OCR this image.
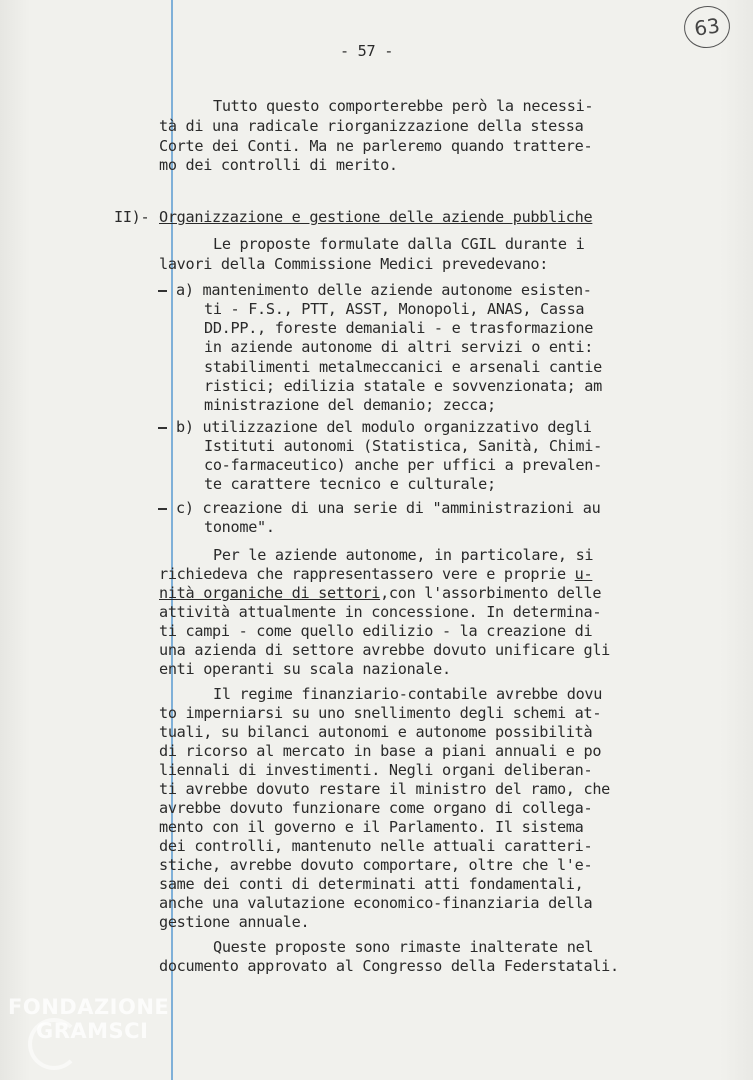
63
- 57 -
Tutto questo comporterebbe però la necessi-
tà di una radicale riorganizzazione della stessa
Corte dei Conti. Ma ne parleremo quando trattere-
mo dei controlli di merito.
II)- Organizzazione e gestione delle aziende pubbliche
Le proposte formulate dalla CGIL durante i
lavori della Commissione Medici prevedevano:
a) mantenimento delle aziende autonome esisten-
ti - F.S., PTT, ASST, Monopoli, ANAS, Cassa
DD.PP., foreste demaniali - e trasformazione
in aziende autonome di altri servizi o enti:
stabilimenti metalmeccanici e arsenali cantie
ristici; edilizia statale e sovvenzionata; am
ministrazione del demanio; zecca;
b) utilizzazione del modulo organizzativo degli
Istituti autonomi (Statistica, Sanità, Chimi-
co-farmaceutico) anche per uffici a prevalen-
te carattere tecnico e culturale;
c) creazione di una serie di "amministrazioni au
tonome".
Per le aziende autonome, in particolare, si
richiedeva che rappresentassero vere e proprie u-
nità organiche di settori,con l'assorbimento delle
attività attualmente in concessione. In determina-
ti campi - come quello edilizio - la creazione di
una azienda di settore avrebbe dovuto unificare gli
enti operanti su scala nazionale.
Il regime finanziario-contabile avrebbe dovu
to imperniarsi su uno snellimento degli schemi at-
tuali, su bilanci autonomi e autonome possibilità
di ricorso al mercato in base a piani annuali e po
liennali di investimenti. Negli organi deliberan-
ti avrebbe dovuto restare il ministro del ramo, che
avrebbe dovuto funzionare come organo di collega-
mento con il governo e il Parlamento. Il sistema
dei controlli, mantenuto nelle attuali caratteri-
stiche, avrebbe dovuto comportare, oltre che l'e-
same dei conti di determinati atti fondamentali,
anche una valutazione economico-finanziaria della
gestione annuale.
Queste proposte sono rimaste inalterate nel
documento approvato al Congresso della Federstatali.
FONDAZIONE
GRAMSCI
